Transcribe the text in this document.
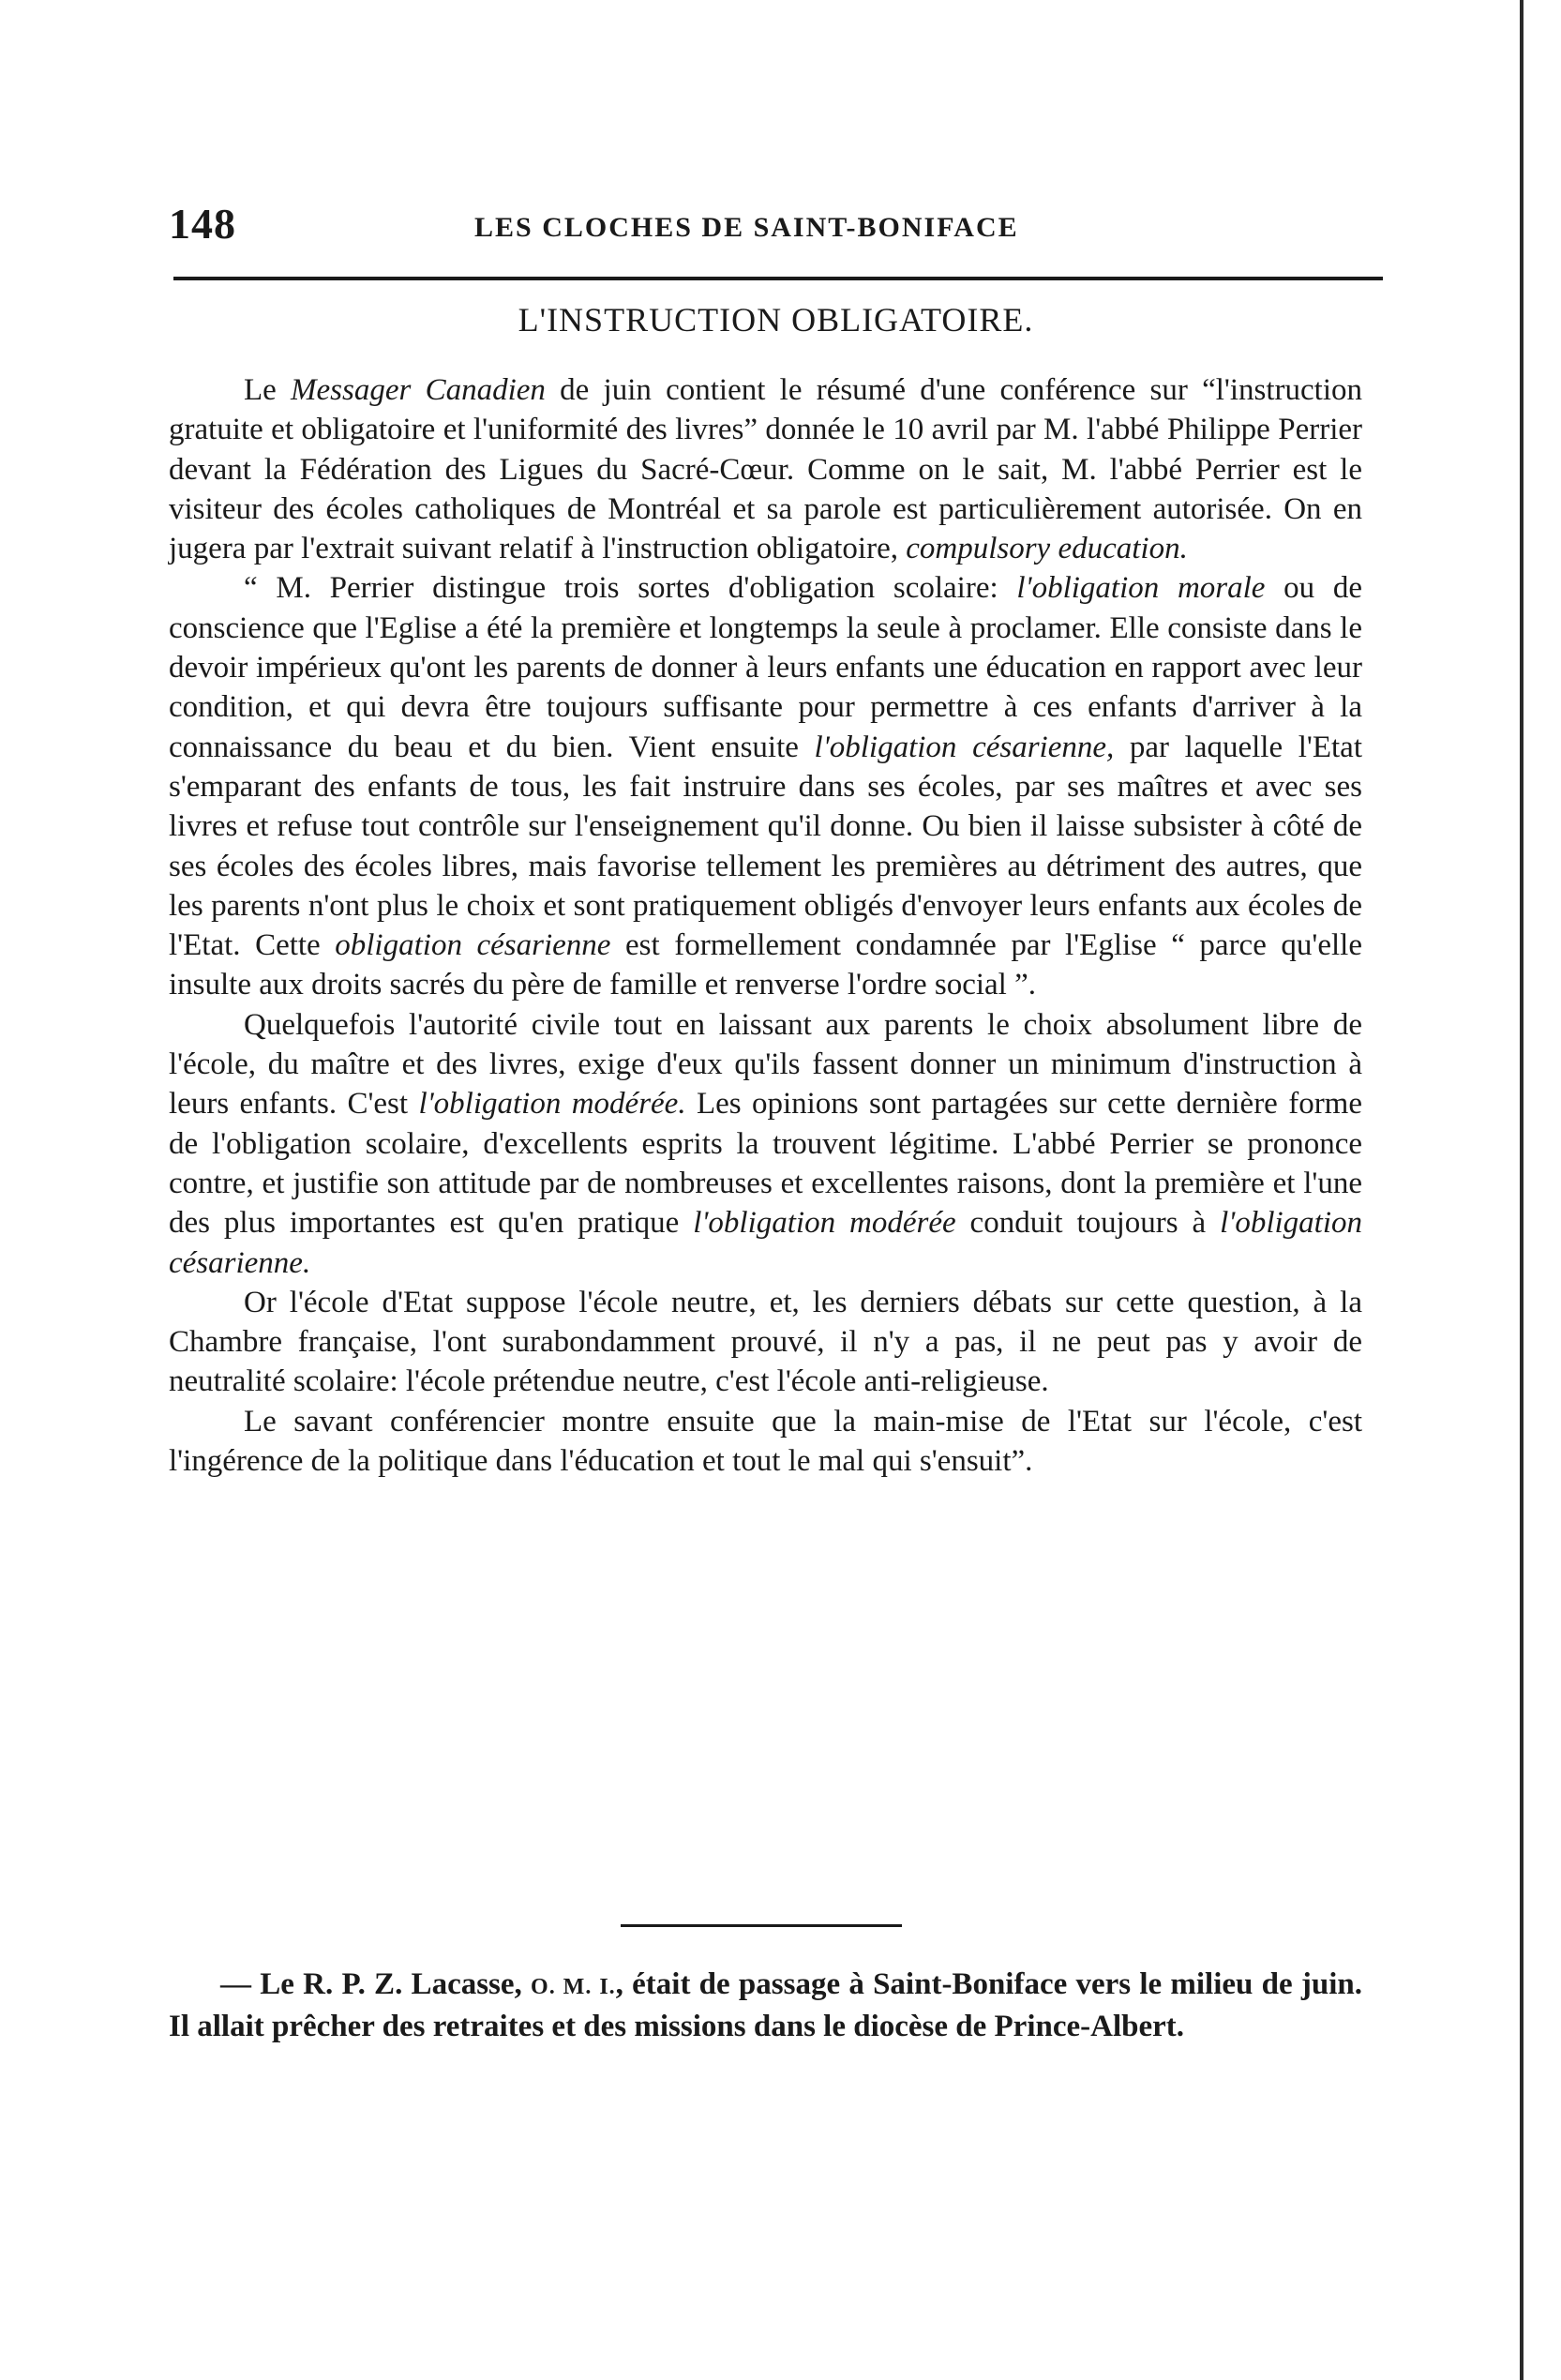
148	LES CLOCHES DE SAINT-BONIFACE
L'INSTRUCTION OBLIGATOIRE.

Le Messager Canadien de juin contient le résumé d'une conférence sur “l'instruction gratuite et obligatoire et l'uniformité des livres” donnée le 10 avril par M. l'abbé Philippe Perrier devant la Fédération des Ligues du Sacré-Cœur. Comme on le sait, M. l'abbé Perrier est le visiteur des écoles catholiques de Montréal et sa parole est particulièrement autorisée. On en jugera par l'extrait suivant relatif à l'instruction obligatoire, compulsory education.

“ M. Perrier distingue trois sortes d'obligation scolaire: l'obligation morale ou de conscience que l'Eglise a été la première et longtemps la seule à proclamer. Elle consiste dans le devoir impérieux qu'ont les parents de donner à leurs enfants une éducation en rapport avec leur condition, et qui devra être toujours suffisante pour permettre à ces enfants d'arriver à la connaissance du beau et du bien. Vient ensuite l'obligation césarienne, par laquelle l'Etat s'emparant des enfants de tous, les fait instruire dans ses écoles, par ses maîtres et avec ses livres et refuse tout contrôle sur l'enseignement qu'il donne. Ou bien il laisse subsister à côté de ses écoles des écoles libres, mais favorise tellement les premières au détriment des autres, que les parents n'ont plus le choix et sont pratiquement obligés d'envoyer leurs enfants aux écoles de l'Etat. Cette obligation césarienne est formellement condamnée par l'Eglise “ parce qu'elle insulte aux droits sacrés du père de famille et renverse l'ordre social ”.

Quelquefois l'autorité civile tout en laissant aux parents le choix absolument libre de l'école, du maître et des livres, exige d'eux qu'ils fassent donner un minimum d'instruction à leurs enfants. C'est l'obligation modérée. Les opinions sont partagées sur cette dernière forme de l'obligation scolaire, d'excellents esprits la trouvent légitime. L'abbé Perrier se prononce contre, et justifie son attitude par de nombreuses et excellentes raisons, dont la première et l'une des plus importantes est qu'en pratique l'obligation modérée conduit toujours à l'obligation césarienne.

Or l'école d'Etat suppose l'école neutre, et, les derniers débats sur cette question, à la Chambre française, l'ont surabondamment prouvé, il n'y a pas, il ne peut pas y avoir de neutralité scolaire: l'école prétendue neutre, c'est l'école anti-religieuse.

Le savant conférencier montre ensuite que la main-mise de l'Etat sur l'école, c'est l'ingérence de la politique dans l'éducation et tout le mal qui s'ensuit”.

— Le R. P. Z. Lacasse, O. M. I., était de passage à Saint-Boniface vers le milieu de juin. Il allait prêcher des retraites et des missions dans le diocèse de Prince-Albert.
